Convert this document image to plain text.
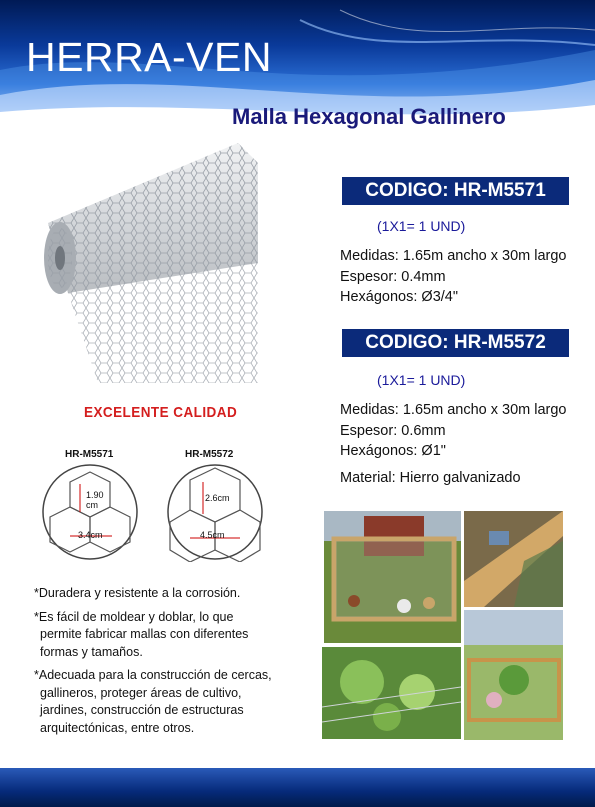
HERRA-VEN
Malla Hexagonal Gallinero
EXCELENTE CALIDAD
HR-M5571
1.90
cm
3.4cm
HR-M5572
2.6cm
4.5cm
CODIGO: HR-M5571
(1X1= 1 UND)
Medidas: 1.65m ancho x 30m largo
Espesor: 0.4mm
Hexágonos: Ø3/4"
CODIGO: HR-M5572
(1X1= 1 UND)
Medidas: 1.65m ancho x 30m largo
Espesor: 0.6mm
Hexágonos: Ø1"
Material: Hierro galvanizado

*Duradera y resistente a la corrosión.

*Es fácil de moldear y doblar, lo que
permite fabricar mallas con diferentes
formas y tamaños.

*Adecuada para la construcción de cercas,
gallineros, proteger áreas de cultivo,
jardines, construcción de estructuras
arquitectónicas, entre otros.
